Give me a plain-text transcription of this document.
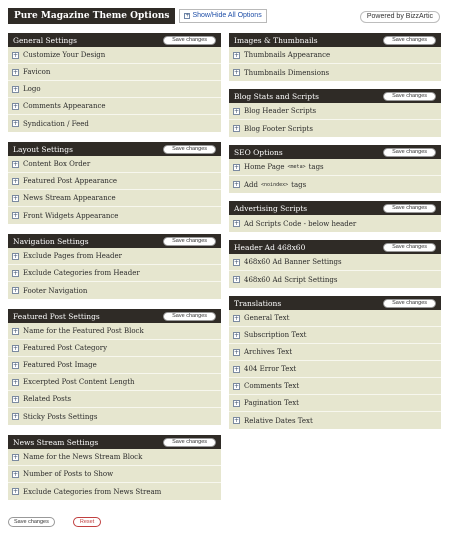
Pure Magazine Theme Options	+ Show/Hide All Options	Powered by BizzArtic
General Settings	Save changes
+ Customize Your Design
+ Favicon
+ Logo
+ Comments Appearance
+ Syndication / Feed
Layout Settings	Save changes
+ Content Box Order
+ Featured Post Appearance
+ News Stream Appearance
+ Front Widgets Appearance
Navigation Settings	Save changes
+ Exclude Pages from Header
+ Exclude Categories from Header
+ Footer Navigation
Featured Post Settings	Save changes
+ Name for the Featured Post Block
+ Featured Post Category
+ Featured Post Image
+ Excerpted Post Content Length
+ Related Posts
+ Sticky Posts Settings
News Stream Settings	Save changes
+ Name for the News Stream Block
+ Number of Posts to Show
+ Exclude Categories from News Stream
Images & Thumbnails	Save changes
+ Thumbnails Appearance
+ Thumbnails Dimensions
Blog Stats and Scripts	Save changes
+ Blog Header Scripts
+ Blog Footer Scripts
SEO Options	Save changes
+ Home Page <meta> tags
+ Add <noindex> tags
Advertising Scripts	Save changes
+ Ad Scripts Code - below header
Header Ad 468x60	Save changes
+ 468x60 Ad Banner Settings
+ 468x60 Ad Script Settings
Translations	Save changes
+ General Text
+ Subscription Text
+ Archives Text
+ 404 Error Text
+ Comments Text
+ Pagination Text
+ Relative Dates Text
Save changes	Reset
